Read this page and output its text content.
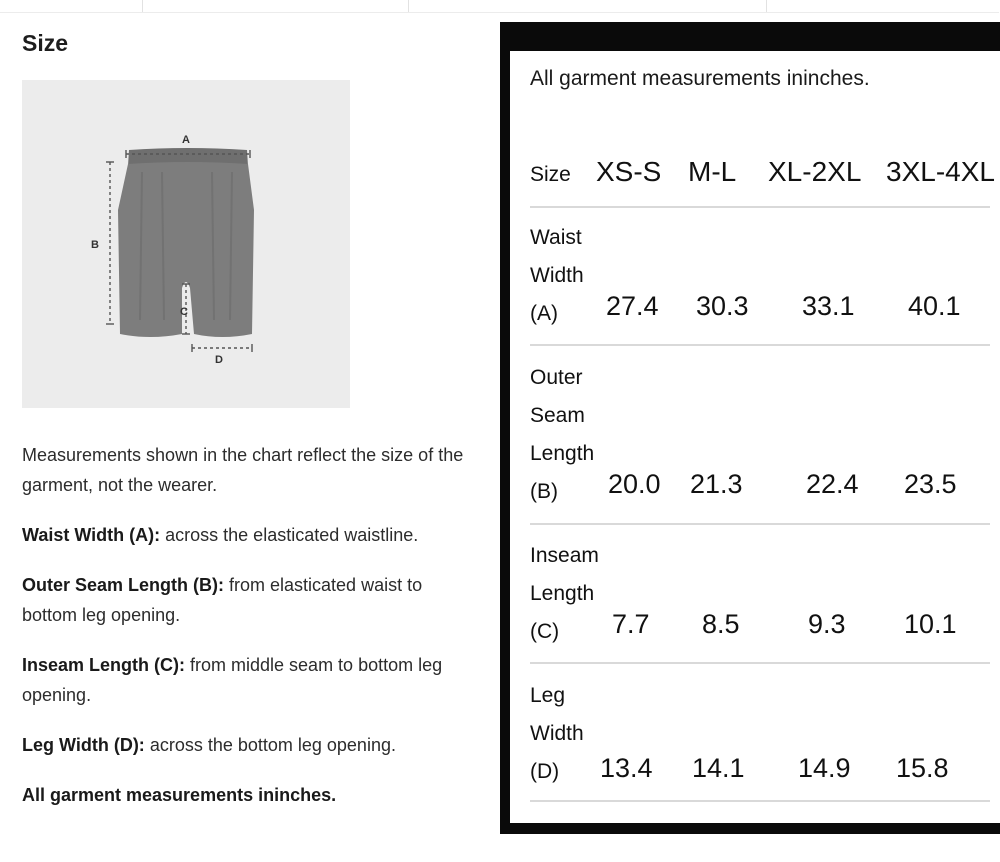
Size
A
B
C
D

Measurements shown in the chart reflect the size of the garment, not the wearer.

Waist Width (A): across the elasticated waistline.

Outer Seam Length (B): from elasticated waist to bottom leg opening.

Inseam Length (C): from middle seam to bottom leg opening.

Leg Width (D): across the bottom leg opening.

All garment measurements ininches.

All garment measurements ininches.
Size XS-S M-L XL-2XL 3XL-4XL
Waist
Width
(A)	27.4 30.3 33.1 40.1
Outer
Seam
Length
(B)	20.0 21.3 22.4 23.5
Inseam
Length
(C)	7.7 8.5	9.3 10.1
Leg
Width
(D)	13.4 14.1 14.9 15.8
